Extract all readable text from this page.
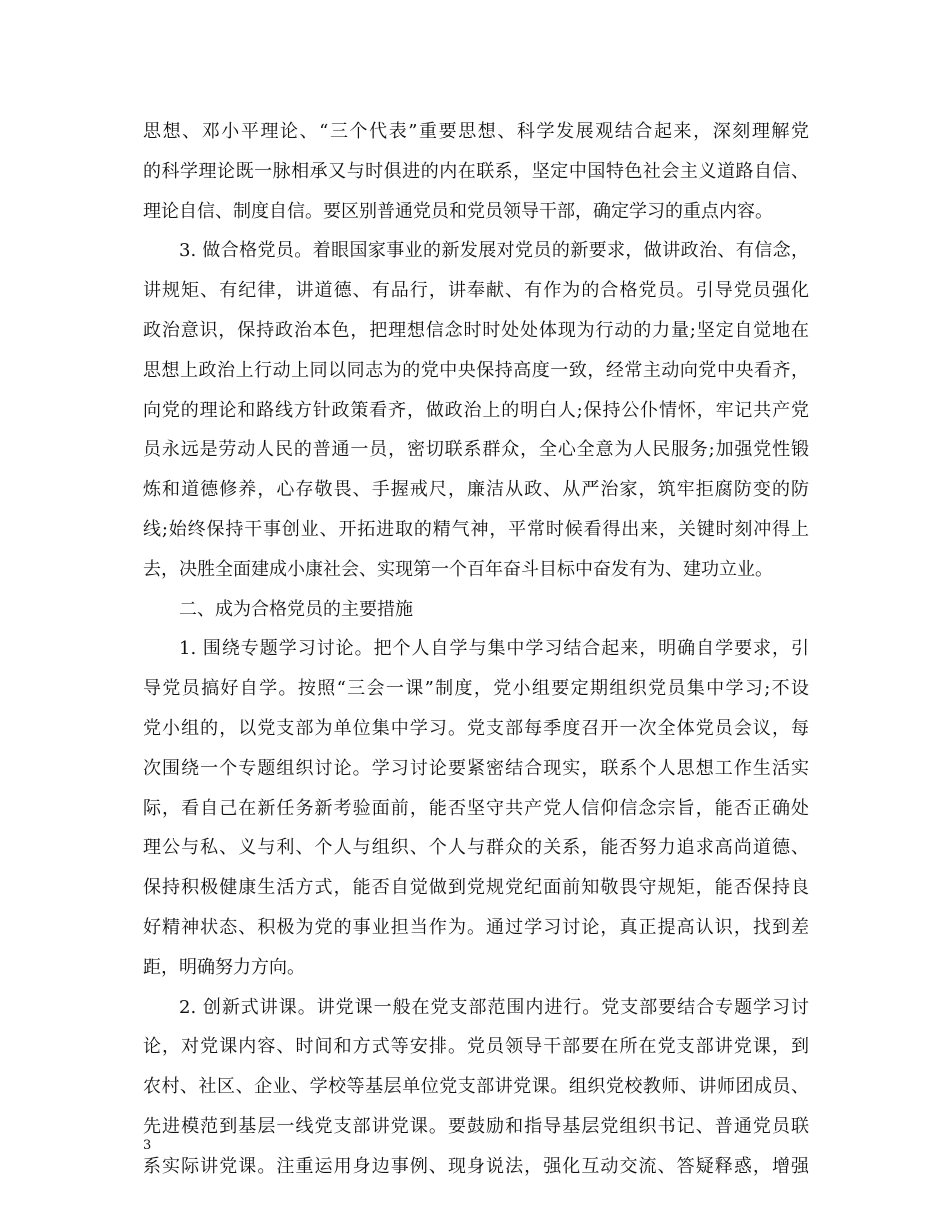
思想、邓小平理论、“三个代表”重要思想、科学发展观结合起来，深刻理解党
的科学理论既一脉相承又与时俱进的内在联系，坚定中国特色社会主义道路自信、
理论自信、制度自信。要区别普通党员和党员领导干部，确定学习的重点内容。
3. 做合格党员。着眼国家事业的新发展对党员的新要求，做讲政治、有信念，
讲规矩、有纪律，讲道德、有品行，讲奉献、有作为的合格党员。引导党员强化
政治意识，保持政治本色，把理想信念时时处处体现为行动的力量;坚定自觉地在
思想上政治上行动上同以同志为的党中央保持高度一致，经常主动向党中央看齐，
向党的理论和路线方针政策看齐，做政治上的明白人;保持公仆情怀，牢记共产党
员永远是劳动人民的普通一员，密切联系群众，全心全意为人民服务;加强党性锻
炼和道德修养，心存敬畏、手握戒尺，廉洁从政、从严治家，筑牢拒腐防变的防
线;始终保持干事创业、开拓进取的精气神，平常时候看得出来，关键时刻冲得上
去，决胜全面建成小康社会、实现第一个百年奋斗目标中奋发有为、建功立业。
二、成为合格党员的主要措施
1. 围绕专题学习讨论。把个人自学与集中学习结合起来，明确自学要求，引
导党员搞好自学。按照“三会一课”制度，党小组要定期组织党员集中学习;不设
党小组的，以党支部为单位集中学习。党支部每季度召开一次全体党员会议，每
次围绕一个专题组织讨论。学习讨论要紧密结合现实，联系个人思想工作生活实
际，看自己在新任务新考验面前，能否坚守共产党人信仰信念宗旨，能否正确处
理公与私、义与利、个人与组织、个人与群众的关系，能否努力追求高尚道德、
保持积极健康生活方式，能否自觉做到党规党纪面前知敬畏守规矩，能否保持良
好精神状态、积极为党的事业担当作为。通过学习讨论，真正提高认识，找到差
距，明确努力方向。
2. 创新式讲课。讲党课一般在党支部范围内进行。党支部要结合专题学习讨
论，对党课内容、时间和方式等安排。党员领导干部要在所在党支部讲党课，到
农村、社区、企业、学校等基层单位党支部讲党课。组织党校教师、讲师团成员、
先进模范到基层一线党支部讲党课。要鼓励和指导基层党组织书记、普通党员联
系实际讲党课。注重运用身边事例、现身说法，强化互动交流、答疑释惑，增强
3
